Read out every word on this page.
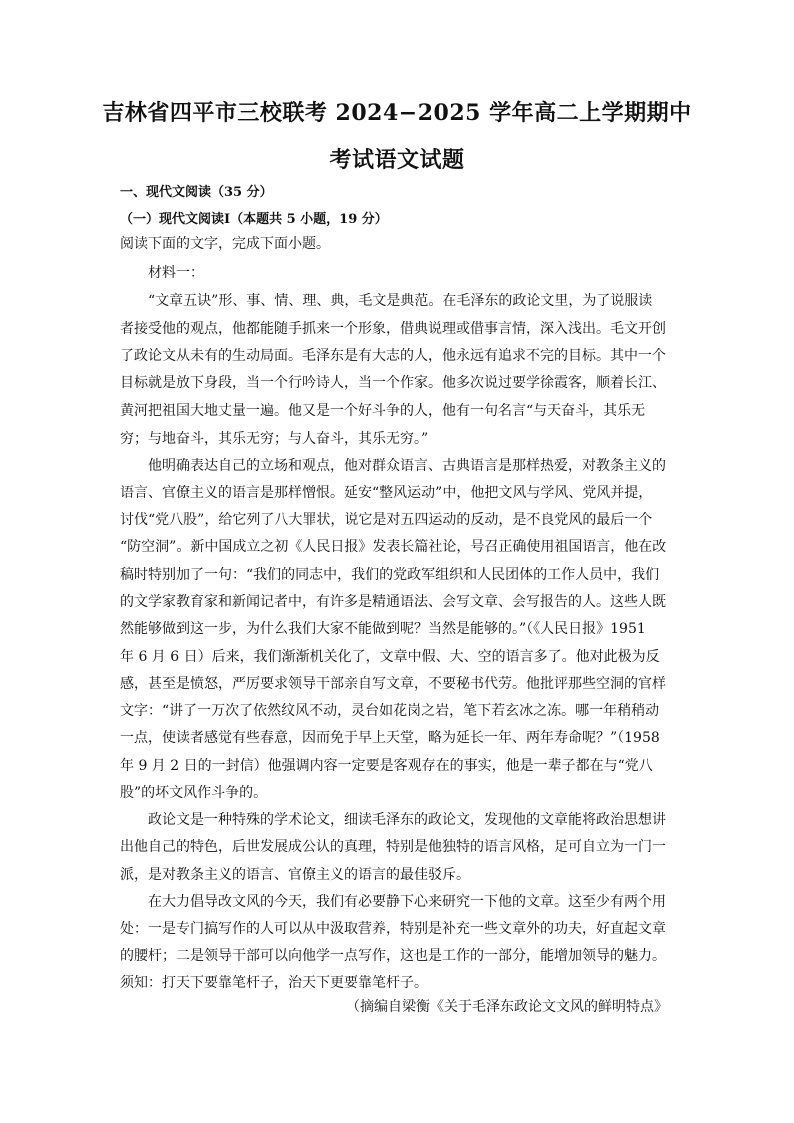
吉林省四平市三校联考 2024−2025 学年高二上学期期中
考试语文试题
一、现代文阅读（35 分）
（一）现代文阅读Ⅰ（本题共 5 小题，19 分）
阅读下面的文字，完成下面小题。
材料一：
“文章五诀”形、事、情、理、典，毛文是典范。在毛泽东的政论文里，为了说服读
者接受他的观点，他都能随手抓来一个形象，借典说理或借事言情，深入浅出。毛文开创
了政论文从未有的生动局面。毛泽东是有大志的人，他永远有追求不完的目标。其中一个
目标就是放下身段，当一个行吟诗人，当一个作家。他多次说过要学徐霞客，顺着长江、
黄河把祖国大地丈量一遍。他又是一个好斗争的人，他有一句名言“与天奋斗，其乐无
穷；与地奋斗，其乐无穷；与人奋斗，其乐无穷。”
他明确表达自己的立场和观点，他对群众语言、古典语言是那样热爱，对教条主义的
语言、官僚主义的语言是那样憎恨。延安“整风运动”中，他把文风与学风、党风并提，
讨伐“党八股”，给它列了八大罪状，说它是对五四运动的反动，是不良党风的最后一个
“防空洞”。新中国成立之初《人民日报》发表长篇社论，号召正确使用祖国语言，他在改
稿时特别加了一句：“我们的同志中，我们的党政军组织和人民团体的工作人员中，我们
的文学家教育家和新闻记者中，有许多是精通语法、会写文章、会写报告的人。这些人既
然能够做到这一步，为什么我们大家不能做到呢？当然是能够的。”（《人民日报》1951
年 6 月 6 日）后来，我们渐渐机关化了，文章中假、大、空的语言多了。他对此极为反
感，甚至是愤怒，严厉要求领导干部亲自写文章，不要秘书代劳。他批评那些空洞的官样
文字：“讲了一万次了依然纹风不动，灵台如花岗之岩，笔下若玄冰之冻。哪一年稍稍动
一点，使读者感觉有些春意，因而免于早上天堂，略为延长一年、两年寿命呢？”（1958
年 9 月 2 日的一封信）他强调内容一定要是客观存在的事实，他是一辈子都在与“党八
股”的坏文风作斗争的。
政论文是一种特殊的学术论文，细读毛泽东的政论文，发现他的文章能将政治思想讲
出他自己的特色，后世发展成公认的真理，特别是他独特的语言风格，足可自立为一门一
派，是对教条主义的语言、官僚主义的语言的最佳驳斥。
在大力倡导改文风的今天，我们有必要静下心来研究一下他的文章。这至少有两个用
处：一是专门搞写作的人可以从中汲取营养，特别是补充一些文章外的功夫，好直起文章
的腰杆；二是领导干部可以向他学一点写作，这也是工作的一部分，能增加领导的魅力。
须知：打天下要靠笔杆子，治天下更要靠笔杆子。
（摘编自梁衡《关于毛泽东政论文文风的鲜明特点》
